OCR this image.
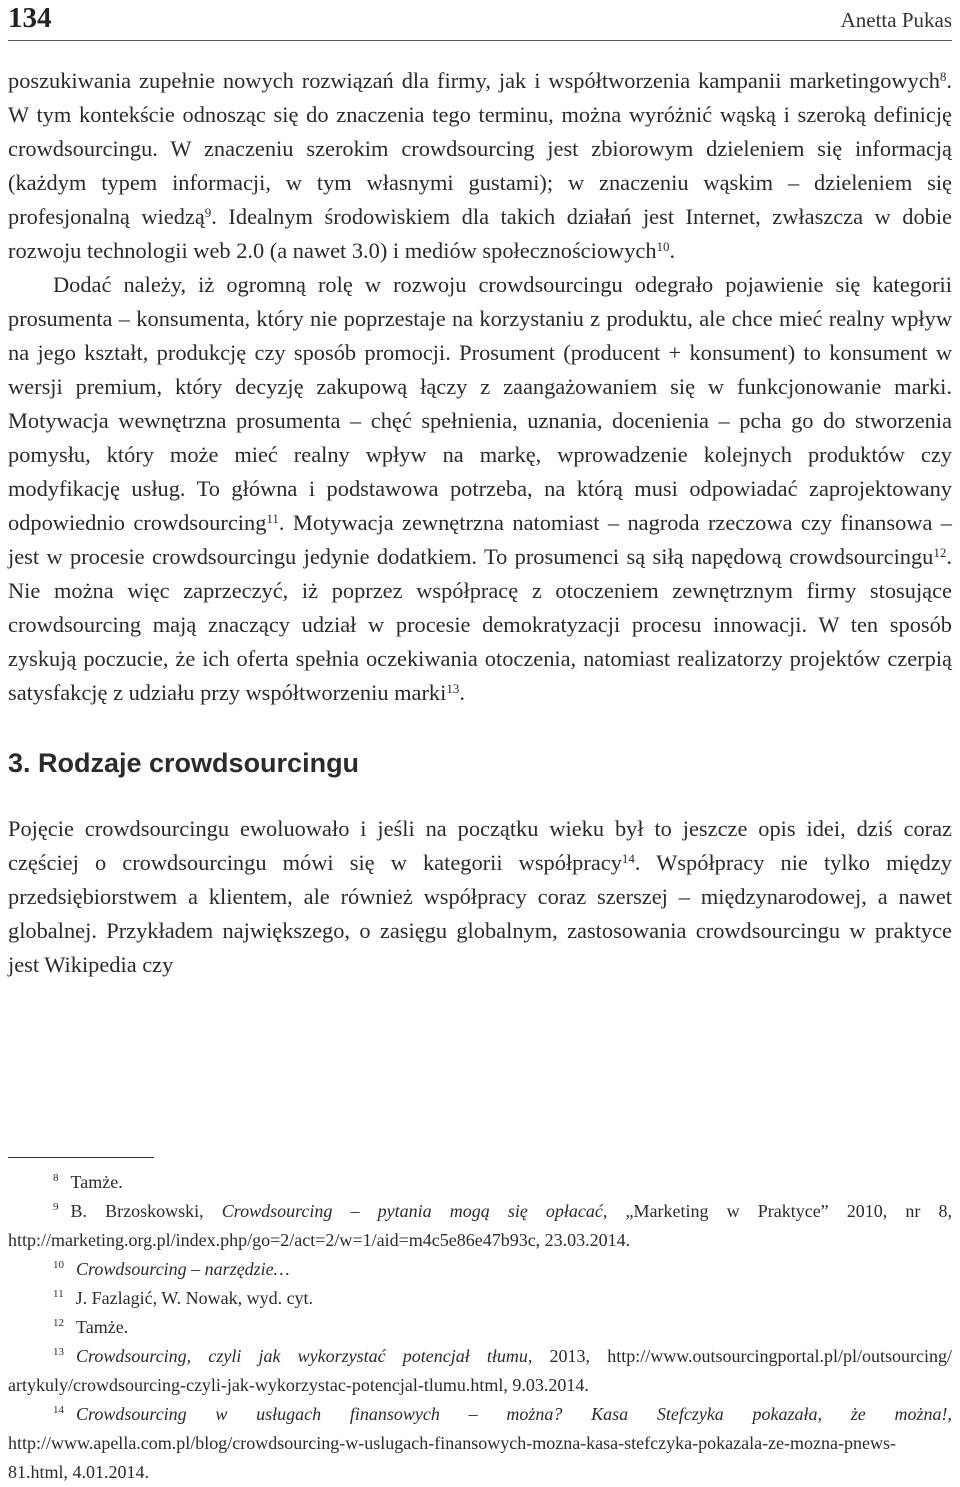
134	Anetta Pukas

poszukiwania zupełnie nowych rozwiązań dla firmy, jak i współtworzenia kampanii marketingowych$^8$. W tym kontekście odnosząc się do znaczenia tego terminu, można wyróżnić wąską i szeroką definicję crowdsourcingu. W znaczeniu szerokim crowdsourcing jest zbiorowym dzieleniem się informacją (każdym typem informacji, w tym własnymi gustami); w znaczeniu wąskim – dzieleniem się profesjonalną wiedzą$^9$. Idealnym środowiskiem dla takich działań jest Internet, zwłaszcza w dobie rozwoju technologii web 2.0 (a nawet 3.0) i mediów społecznościowych$^{10}$.

Dodać należy, iż ogromną rolę w rozwoju crowdsourcingu odegrało pojawienie się kategorii prosumenta – konsumenta, który nie poprzestaje na korzystaniu z produktu, ale chce mieć realny wpływ na jego kształt, produkcję czy sposób promocji. Prosument (producent + konsument) to konsument w wersji premium, który decyzję zakupową łączy z zaangażowaniem się w funkcjonowanie marki. Motywacja wewnętrzna prosumenta – chęć spełnienia, uznania, docenienia – pcha go do stworzenia pomysłu, który może mieć realny wpływ na markę, wprowadzenie kolejnych produktów czy modyfikację usług. To główna i podstawowa potrzeba, na którą musi odpowiadać zaprojektowany odpowiednio crowdsourcing$^{11}$. Motywacja zewnętrzna natomiast – nagroda rzeczowa czy finansowa – jest w procesie crowdsourcingu jedynie dodatkiem. To prosumenci są siłą napędową crowdsourcingu$^{12}$. Nie można więc zaprzeczyć, iż poprzez współpracę z otoczeniem zewnętrznym firmy stosujące crowdsourcing mają znaczący udział w procesie demokratyzacji procesu innowacji. W ten sposób zyskują poczucie, że ich oferta spełnia oczekiwania otoczenia, natomiast realizatorzy projektów czerpią satysfakcję z udziału przy współtworzeniu marki$^{13}$.

3. Rodzaje crowdsourcingu

Pojęcie crowdsourcingu ewoluowało i jeśli na początku wieku był to jeszcze opis idei, dziś coraz częściej o crowdsourcingu mówi się w kategorii współpracy$^{14}$. Współpracy nie tylko między przedsiębiorstwem a klientem, ale również współpracy coraz szerszej – międzynarodowej, a nawet globalnej. Przykładem największego, o zasięgu globalnym, zastosowania crowdsourcingu w praktyce jest Wikipedia czy

$^8$ Tamże.

$^9$ B. Brzoskowski, Crowdsourcing – pytania mogą się opłacać, „Marketing w Praktyce” 2010, nr 8, http://marketing.org.pl/index.php/go=2/act=2/w=1/aid=m4c5e86e47b93c, 23.03.2014.

$^{10}$ Crowdsourcing – narzędzie…

$^{11}$ J. Fazlagić, W. Nowak, wyd. cyt.

$^{12}$ Tamże.

$^{13}$ Crowdsourcing, czyli jak wykorzystać potencjał tłumu, 2013, http://www.outsourcingportal.pl/pl/outsourcing/ artykuly/crowdsourcing-czyli-jak-wykorzystac-potencjal-tlumu.html, 9.03.2014.

$^{14}$ Crowdsourcing w usługach finansowych – można? Kasa Stefczyka pokazała, że można!, http://www.apella.com.pl/blog/crowdsourcing-w-uslugach-finansowych-mozna-kasa-stefczyka-pokazala-ze-mozna-pnews-81.html, 4.01.2014.
